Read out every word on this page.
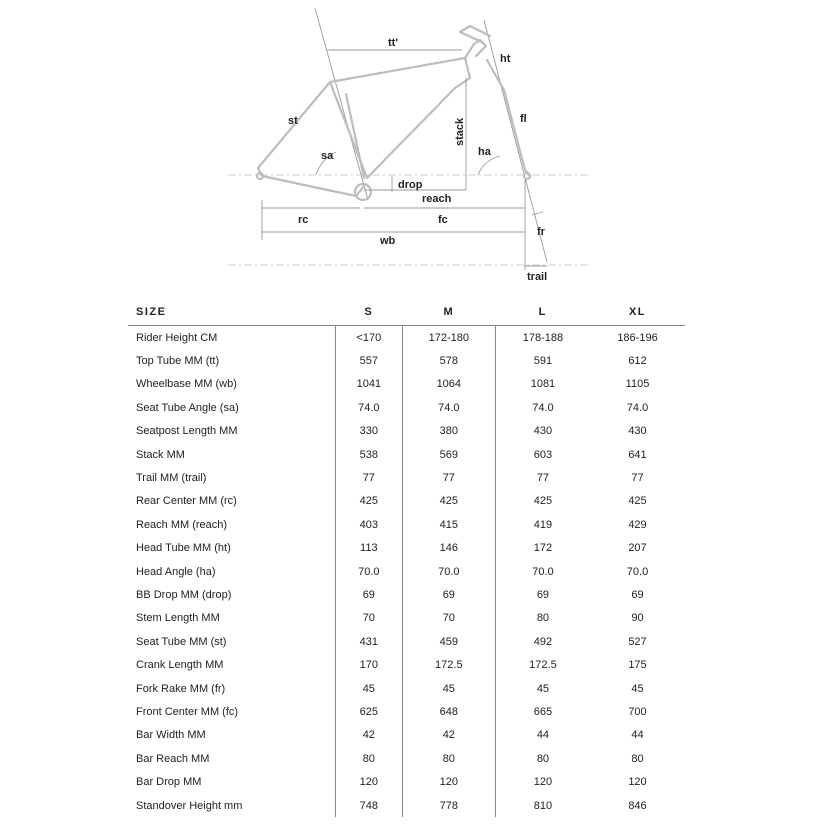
tt'
ht
st	fl
stack
sa	ha
drop
reach
rc	fc
fr
wb
trail
SIZE	S	M	L	XL
Rider Height CM	<170	172-180	178-188	186-196
Top Tube MM (tt)	557	578	591	612
Wheelbase MM (wb)	1041	1064	1081	1105
Seat Tube Angle (sa)	74.0	74.0	74.0	74.0
Seatpost Length MM	330	380	430	430
Stack MM	538	569	603	641
Trail MM (trail)	77	77	77	77
Rear Center MM (rc)	425	425	425	425
Reach MM (reach)	403	415	419	429
Head Tube MM (ht)	113	146	172	207
Head Angle (ha)	70.0	70.0	70.0	70.0
BB Drop MM (drop)	69	69	69	69
Stem Length MM	70	70	80	90
Seat Tube MM (st)	431	459	492	527
Crank Length MM	170	172.5	172.5	175
Fork Rake MM (fr)	45	45	45	45
Front Center MM (fc)	625	648	665	700
Bar Width MM	42	42	44	44
Bar Reach MM	80	80	80	80
Bar Drop MM	120	120	120	120
Standover Height mm	748	778	810	846
